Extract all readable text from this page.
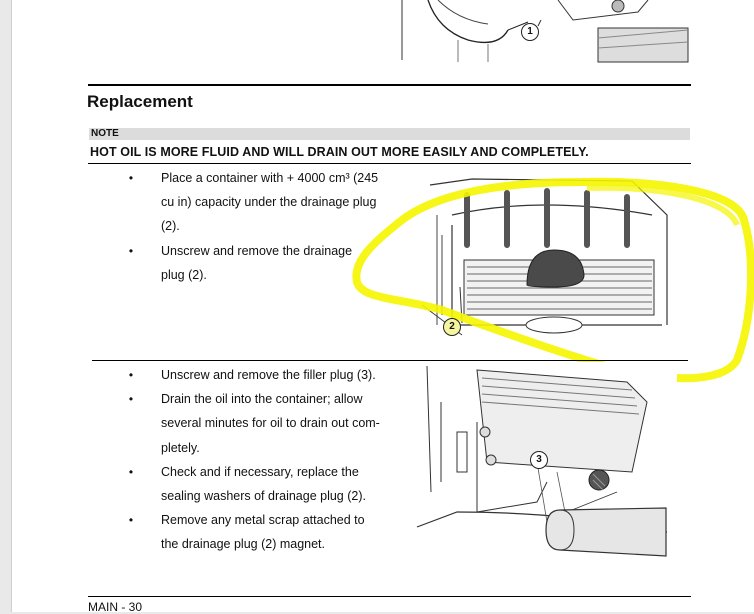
1
Replacement
NOTE
HOT OIL IS MORE FLUID AND WILL DRAIN OUT MORE EASILY AND COMPLETELY.
•	Place a container with + 4000 cm³ (245
cu in) capacity under the drainage plug
(2).
•	Unscrew and remove the drainage
plug (2).
2
•	Unscrew and remove the filler plug (3).
•	Drain the oil into the container; allow
several minutes for oil to drain out com-
pletely.
•	Check and if necessary, replace the
sealing washers of drainage plug (2).
•	Remove any metal scrap attached to
the drainage plug (2) magnet.
3
MAIN - 30
